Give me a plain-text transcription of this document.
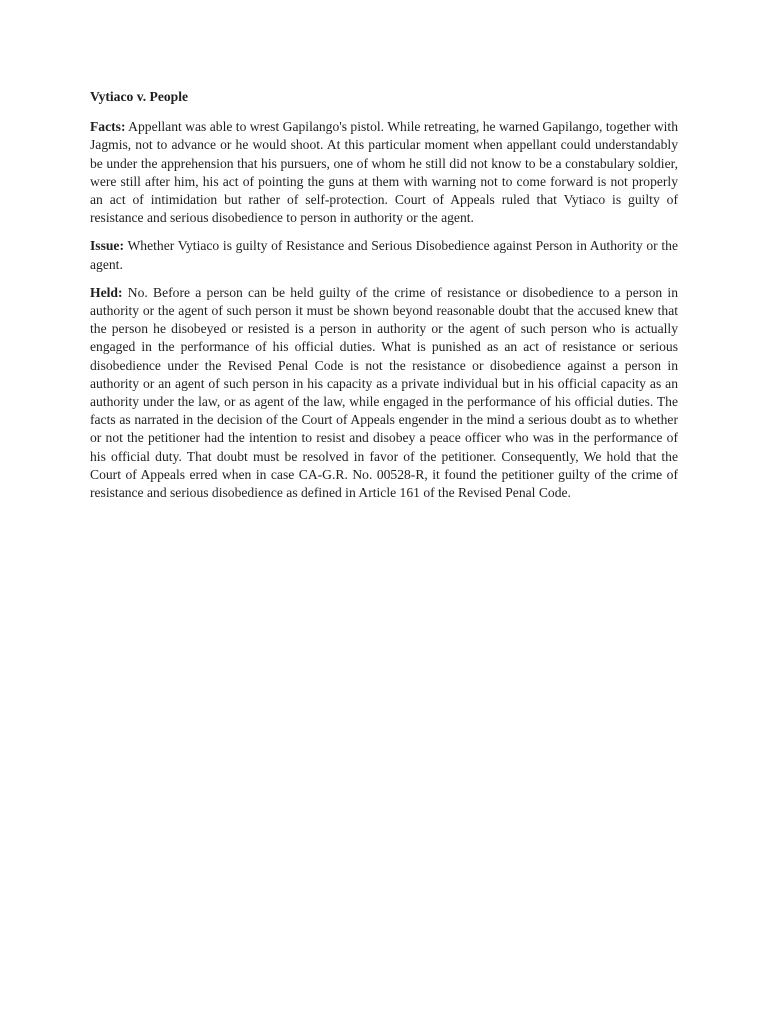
Vytiaco v. People

Facts: Appellant was able to wrest Gapilango's pistol. While retreating, he warned Gapilango, together with Jagmis, not to advance or he would shoot. At this particular moment when appellant could understandably be under the apprehension that his pursuers, one of whom he still did not know to be a constabulary soldier, were still after him, his act of pointing the guns at them with warning not to come forward is not properly an act of intimidation but rather of self-protection. Court of Appeals ruled that Vytiaco is guilty of resistance and serious disobedience to person in authority or the agent.

Issue: Whether Vytiaco is guilty of Resistance and Serious Disobedience against Person in Authority or the agent.

Held: No. Before a person can be held guilty of the crime of resistance or disobedience to a person in authority or the agent of such person it must be shown beyond reasonable doubt that the accused knew that the person he disobeyed or resisted is a person in authority or the agent of such person who is actually engaged in the performance of his official duties. What is punished as an act of resistance or serious disobedience under the Revised Penal Code is not the resistance or disobedience against a person in authority or an agent of such person in his capacity as a private individual but in his official capacity as an authority under the law, or as agent of the law, while engaged in the performance of his official duties. The facts as narrated in the decision of the Court of Appeals engender in the mind a serious doubt as to whether or not the petitioner had the intention to resist and disobey a peace officer who was in the performance of his official duty. That doubt must be resolved in favor of the petitioner. Consequently, We hold that the Court of Appeals erred when in case CA-G.R. No. 00528-R, it found the petitioner guilty of the crime of resistance and serious disobedience as defined in Article 161 of the Revised Penal Code.
